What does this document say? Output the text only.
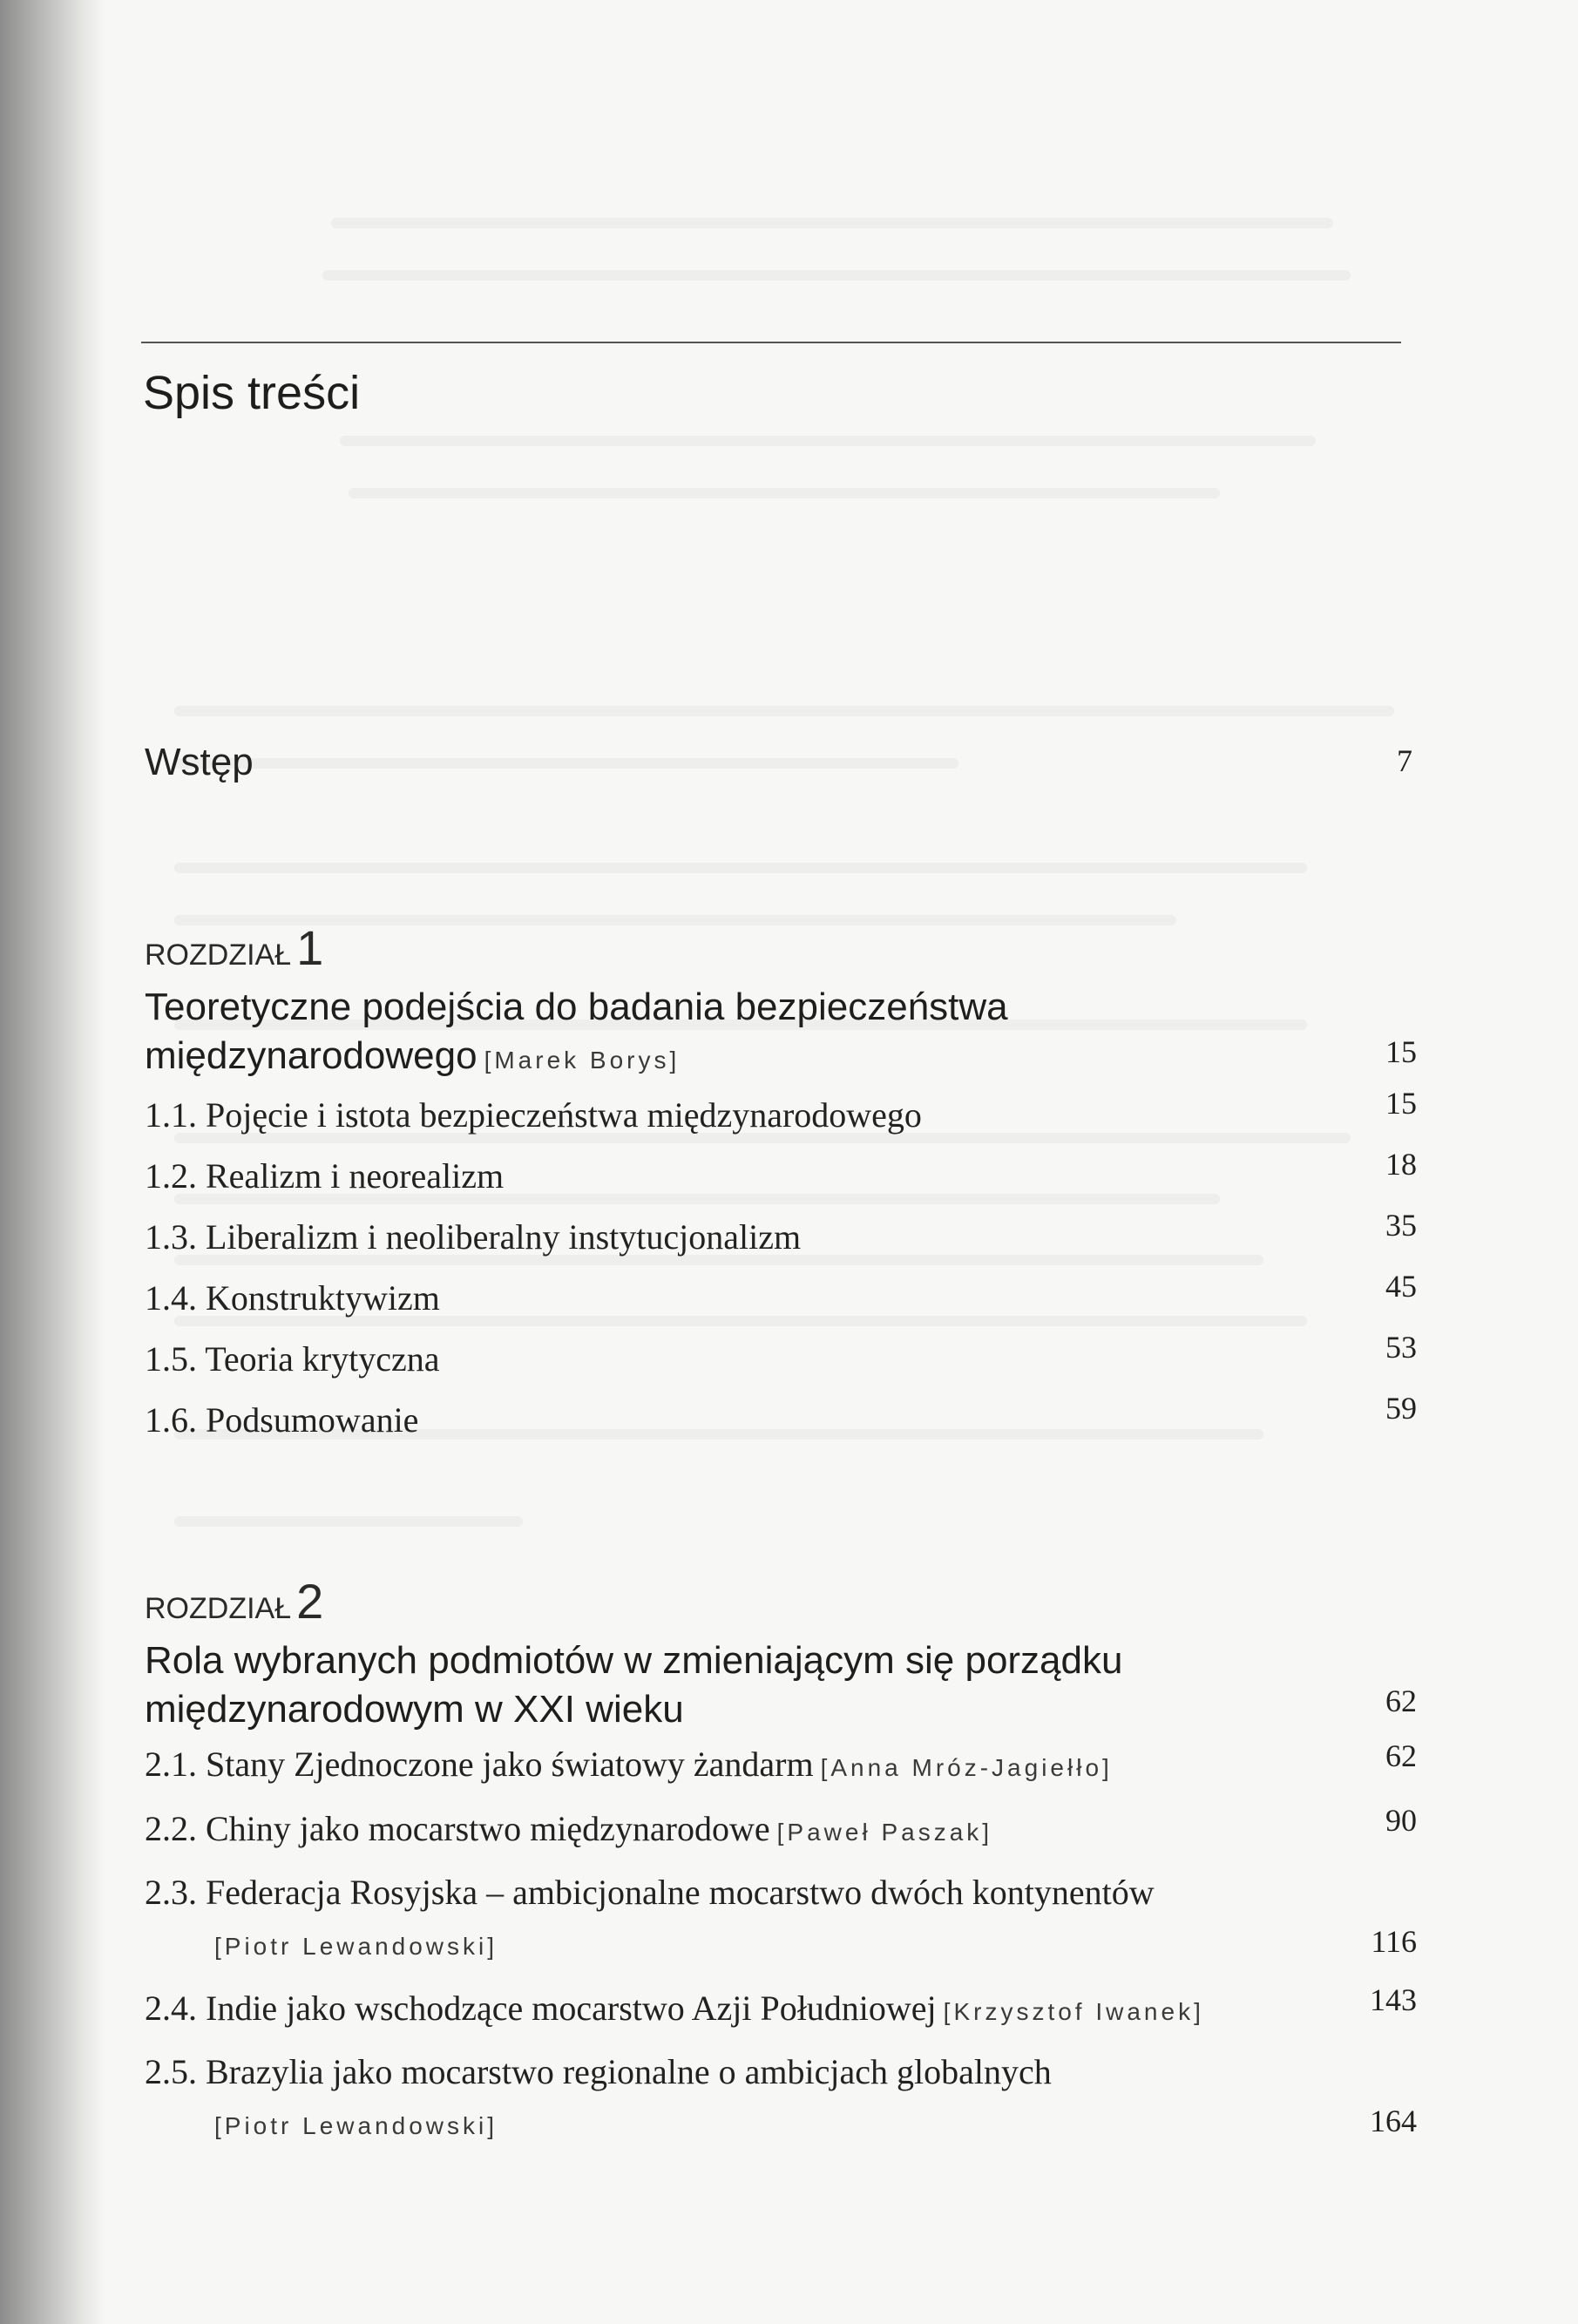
Spis treści
Wstęp	7
ROZDZIAŁ 1
Teoretyczne podejścia do badania bezpieczeństwa
międzynarodowego [Marek Borys]	15
1.1. Pojęcie i istota bezpieczeństwa międzynarodowego	15
1.2. Realizm i neorealizm	18
1.3. Liberalizm i neoliberalny instytucjonalizm	35
1.4. Konstruktywizm	45
1.5. Teoria krytyczna	53
1.6. Podsumowanie	59
ROZDZIAŁ 2
Rola wybranych podmiotów w zmieniającym się porządku
międzynarodowym w XXI wieku	62
2.1. Stany Zjednoczone jako światowy żandarm [Anna Mróz-Jagiełło]	62
2.2. Chiny jako mocarstwo międzynarodowe [Paweł Paszak]	90
2.3. Federacja Rosyjska – ambicjonalne mocarstwo dwóch kontynentów
[Piotr Lewandowski]	116
2.4. Indie jako wschodzące mocarstwo Azji Południowej [Krzysztof Iwanek]	143
2.5. Brazylia jako mocarstwo regionalne o ambicjach globalnych
[Piotr Lewandowski]	164
